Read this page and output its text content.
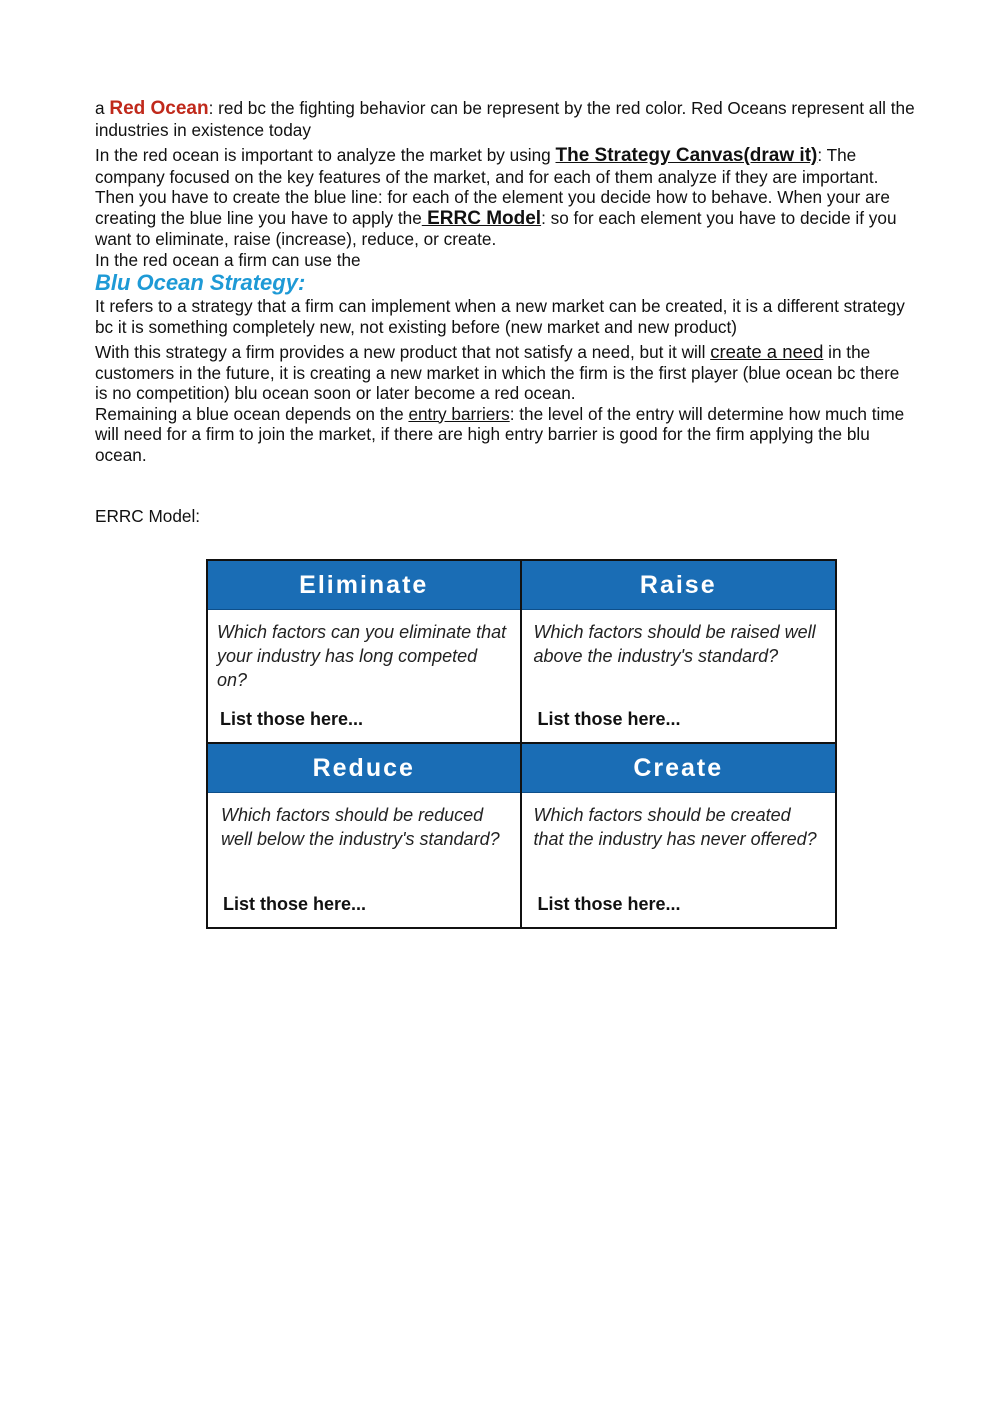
a Red Ocean: red bc the fighting behavior can be represent by the red color. Red Oceans represent all the industries in existence today

In the red ocean is important to analyze the market by using The Strategy Canvas(draw it): The company focused on the key features of the market, and for each of them analyze if they are important. Then you have to create the blue line: for each of the element you decide how to behave. When your are creating the blue line you have to apply the ERRC Model: so for each element you have to decide if you want to eliminate, raise (increase), reduce, or create.

In the red ocean a firm can use the

Blu Ocean Strategy:

It refers to a strategy that a firm can implement when a new market can be created, it is a different strategy bc it is something completely new, not existing before (new market and new product)

With this strategy a firm provides a new product that not satisfy a need, but it will create a need in the customers in the future, it is creating a new market in which the firm is the first player (blue ocean bc there is no competition) blu ocean soon or later become a red ocean.

Remaining a blue ocean depends on the entry barriers: the level of the entry will determine how much time will need for a firm to join the market, if there are high entry barrier is good for the firm applying the blu ocean.

ERRC Model:
Eliminate
Which factors can you eliminate that your industry has long competed on?
List those here...
Raise
Which factors should be raised well above the industry's standard?
List those here...
Reduce
Which factors should be reduced well below the industry's standard?
List those here...
Create
Which factors should be created that the industry has never offered?
List those here...
